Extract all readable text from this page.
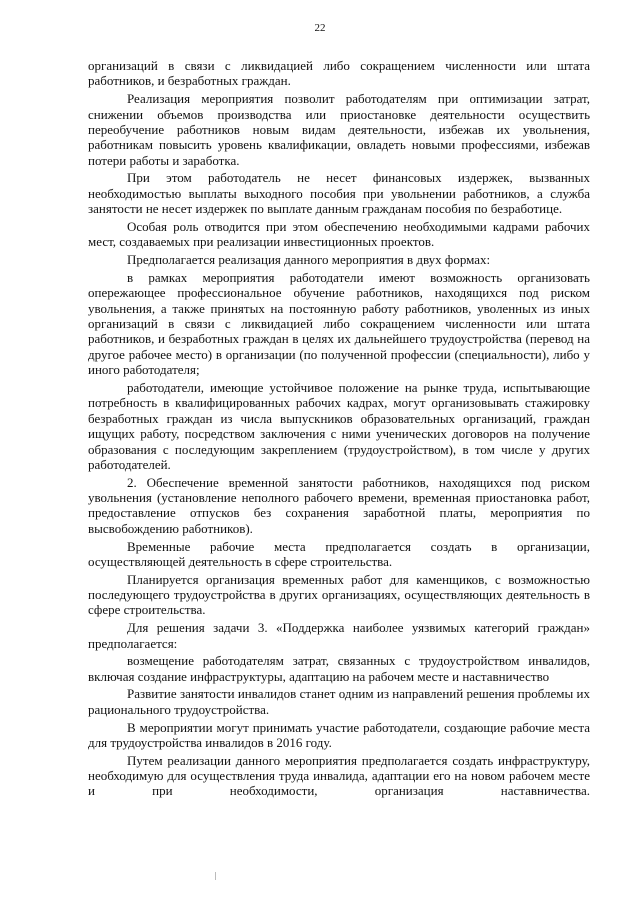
22

организаций в связи с ликвидацией либо сокращением численности или штата работников, и безработных граждан.

Реализация мероприятия позволит работодателям при оптимизации затрат, снижении объемов производства или приостановке деятельности осуществить переобучение работников новым видам деятельности, избежав их увольнения, работникам повысить уровень квалификации, овладеть новыми профессиями, избежав потери работы и заработка.

При этом работодатель не несет финансовых издержек, вызванных необходимостью выплаты выходного пособия при увольнении работников, а служба занятости не несет издержек по выплате данным гражданам пособия по безработице.

Особая роль отводится при этом обеспечению необходимыми кадрами рабочих мест, создаваемых при реализации инвестиционных проектов.

Предполагается реализация данного мероприятия в двух формах:

в рамках мероприятия работодатели имеют возможность организовать опережающее профессиональное обучение работников, находящихся под риском увольнения, а также принятых на постоянную работу работников, уволенных из иных организаций в связи с ликвидацией либо сокращением численности или штата работников, и безработных граждан в целях их дальнейшего трудоустройства (перевод на другое рабочее место) в организации (по полученной профессии (специальности), либо у иного работодателя;

работодатели, имеющие устойчивое положение на рынке труда, испытывающие потребность в квалифицированных рабочих кадрах, могут организовывать стажировку безработных граждан из числа выпускников образовательных организаций, граждан ищущих работу, посредством заключения с ними ученических договоров на получение образования с последующим закреплением (трудоустройством), в том числе у других работодателей.

2. Обеспечение временной занятости работников, находящихся под риском увольнения (установление неполного рабочего времени, временная приостановка работ, предоставление отпусков без сохранения заработной платы, мероприятия по высвобождению работников).

Временные рабочие места предполагается создать в организации, осуществляющей деятельность в сфере строительства.

Планируется организация временных работ для каменщиков, с возможностью последующего трудоустройства в других организациях, осуществляющих деятельность в сфере строительства.

Для решения задачи 3. «Поддержка наиболее уязвимых категорий граждан» предполагается:

возмещение работодателям затрат, связанных с трудоустройством инвалидов, включая создание инфраструктуры, адаптацию на рабочем месте и наставничество

Развитие занятости инвалидов станет одним из направлений решения проблемы их рационального трудоустройства.

В мероприятии могут принимать участие работодатели, создающие рабочие места для трудоустройства инвалидов в 2016 году.

Путем реализации данного мероприятия предполагается создать инфраструктуру, необходимую для осуществления труда инвалида, адаптации его на новом рабочем месте и при необходимости, организация наставничества.
